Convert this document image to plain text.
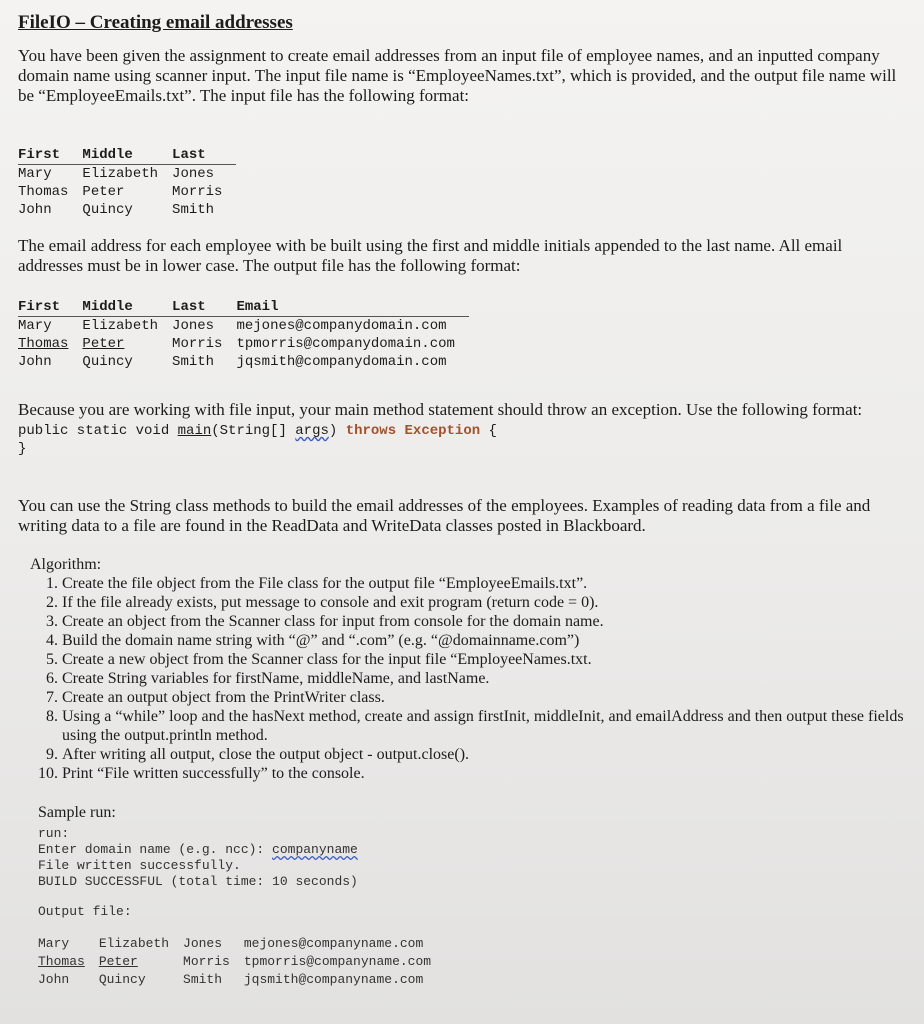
FileIO – Creating email addresses

You have been given the assignment to create email addresses from an input file of employee names, and an inputted company domain name using scanner input. The input file name is “EmployeeNames.txt”, which is provided, and the output file name will be “EmployeeEmails.txt”. The input file has the following format:

First	Middle	Last
Mary	Elizabeth	Jones
Thomas	Peter	Morris
John	Quincy	Smith

The email address for each employee with be built using the first and middle initials appended to the last name. All email addresses must be in lower case. The output file has the following format:

First	Middle	Last	Email
Mary	Elizabeth	Jones	mejones@companydomain.com
Thomas	Peter	Morris	tpmorris@companydomain.com
John	Quincy	Smith	jqsmith@companydomain.com

Because you are working with file input, your main method statement should throw an exception. Use the following format:

public static void main(String[] args) throws Exception {
}

You can use the String class methods to build the email addresses of the employees. Examples of reading data from a file and writing data to a file are found in the ReadData and WriteData classes posted in Blackboard.

Algorithm:
1. Create the file object from the File class for the output file “EmployeeEmails.txt”.
2. If the file already exists, put message to console and exit program (return code = 0).
3. Create an object from the Scanner class for input from console for the domain name.
4. Build the domain name string with “@” and “.com” (e.g. “@domainname.com”)
5. Create a new object from the Scanner class for the input file “EmployeeNames.txt.
6. Create String variables for firstName, middleName, and lastName.
7. Create an output object from the PrintWriter class.
8. Using a “while” loop and the hasNext method, create and assign firstInit, middleInit, and emailAddress and then output these fields using the output.println method.
9. After writing all output, close the output object - output.close().
10. Print “File written successfully” to the console.
Sample run:
run:
Enter domain name (e.g. ncc): companyname
File written successfully.
BUILD SUCCESSFUL (total time: 10 seconds)
Output file:
Mary	Elizabeth	Jones	mejones@companyname.com
Thomas	Peter	Morris	tpmorris@companyname.com
John	Quincy	Smith	jqsmith@companyname.com
